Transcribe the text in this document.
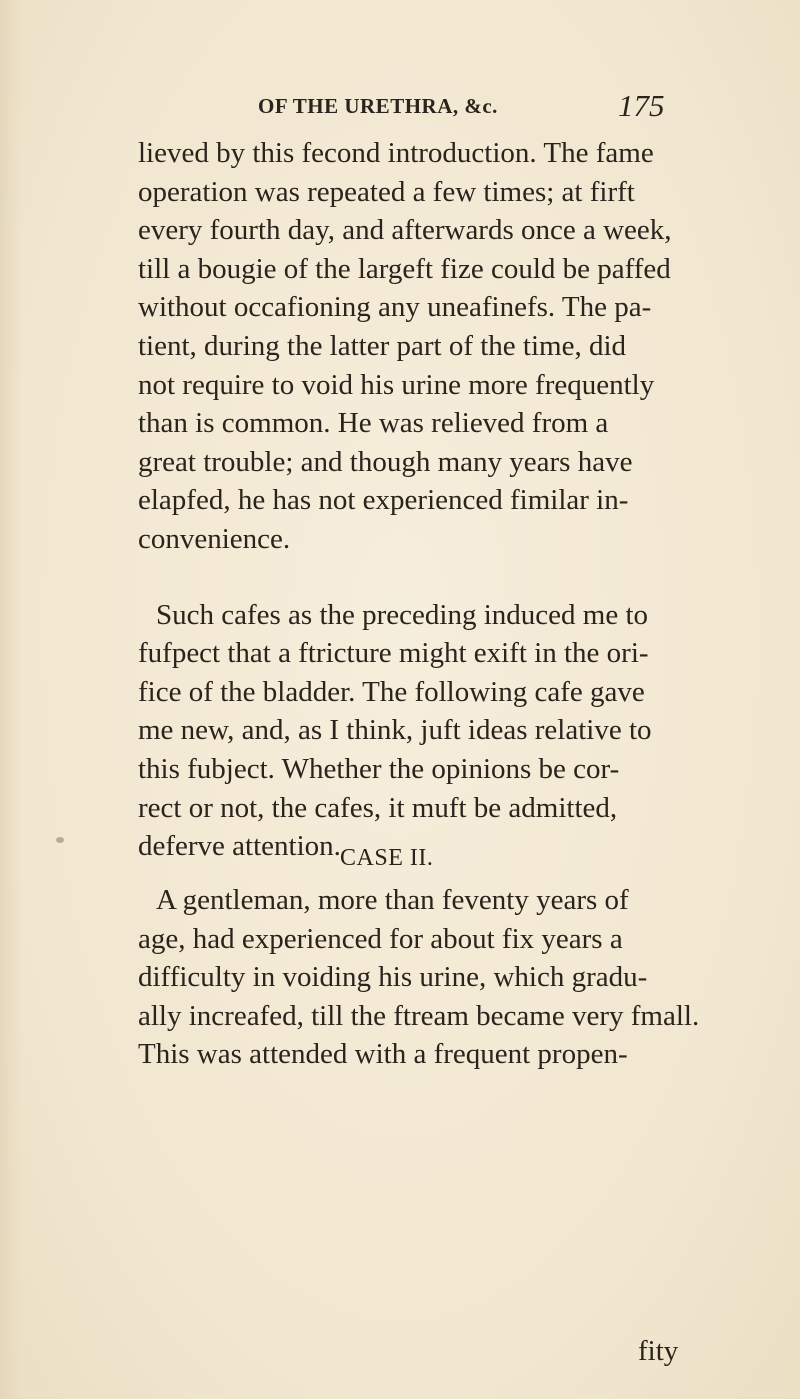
OF THE URETHRA, &c.	175
lieved by this fecond introduction. The fame
operation was repeated a few times; at firft
every fourth day, and afterwards once a week,
till a bougie of the largeft fize could be paffed
without occafioning any uneafinefs. The pa-
tient, during the latter part of the time, did
not require to void his urine more frequently
than is common. He was relieved from a
great trouble; and though many years have
elapfed, he has not experienced fimilar in-
convenience.
Such cafes as the preceding induced me to
fufpect that a ftricture might exift in the ori-
fice of the bladder. The following cafe gave
me new, and, as I think, juft ideas relative to
this fubject. Whether the opinions be cor-
rect or not, the cafes, it muft be admitted,
deferve attention. CASE II.
A gentleman, more than feventy years of
age, had experienced for about fix years a
difficulty in voiding his urine, which gradu-
ally increafed, till the ftream became very fmall.
This was attended with a frequent propen-
fity
